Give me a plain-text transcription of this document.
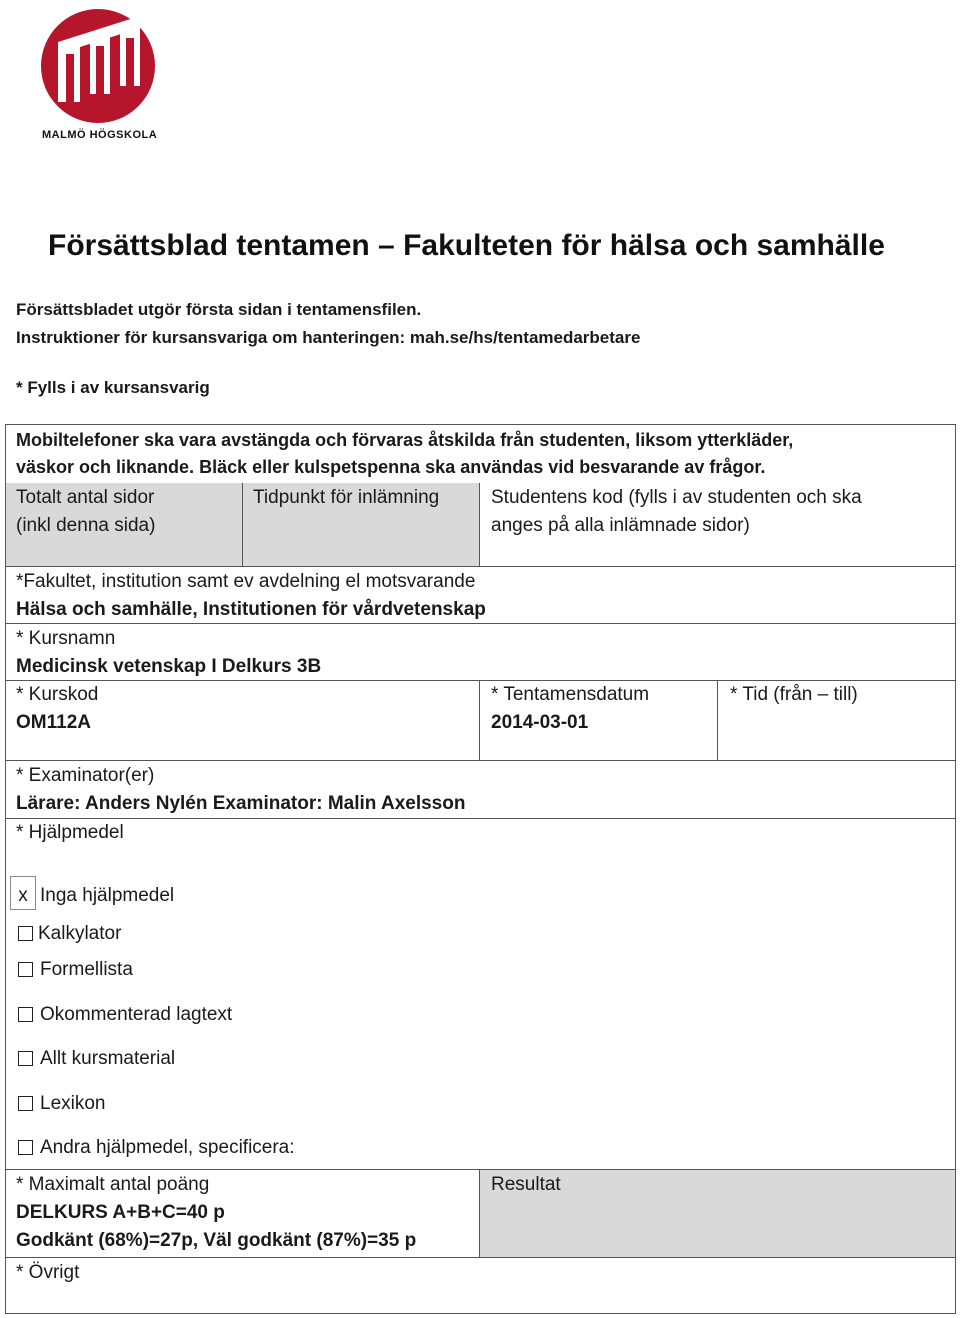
MALMÖ HÖGSKOLA
Försättsblad tentamen – Fakulteten för hälsa och samhälle
Försättsbladet utgör första sidan i tentamensfilen.
Instruktioner för kursansvariga om hanteringen: mah.se/hs/tentamedarbetare
* Fylls i av kursansvarig
Mobiltelefoner ska vara avstängda och förvaras åtskilda från studenten, liksom ytterkläder,
väskor och liknande. Bläck eller kulspetspenna ska användas vid besvarande av frågor.
Totalt antal sidor
(inkl denna sida)
Tidpunkt för inlämning	Studentens kod (fylls i av studenten och ska
anges på alla inlämnade sidor)
*Fakultet, institution samt ev avdelning el motsvarande
Hälsa och samhälle, Institutionen för vårdvetenskap
* Kursnamn
Medicinsk vetenskap I Delkurs 3B
* Kurskod
OM112A
* Tentamensdatum
2014-03-01
* Tid (från – till)
* Examinator(er)
Lärare: Anders Nylén Examinator: Malin Axelsson
* Hjälpmedel
x Inga hjälpmedel
Kalkylator
Formellista
Okommenterad lagtext
Allt kursmaterial
Lexikon
Andra hjälpmedel, specificera:
* Maximalt antal poäng
DELKURS A+B+C=40 p
Godkänt (68%)=27p, Väl godkänt (87%)=35 p
Resultat
* Övrigt
